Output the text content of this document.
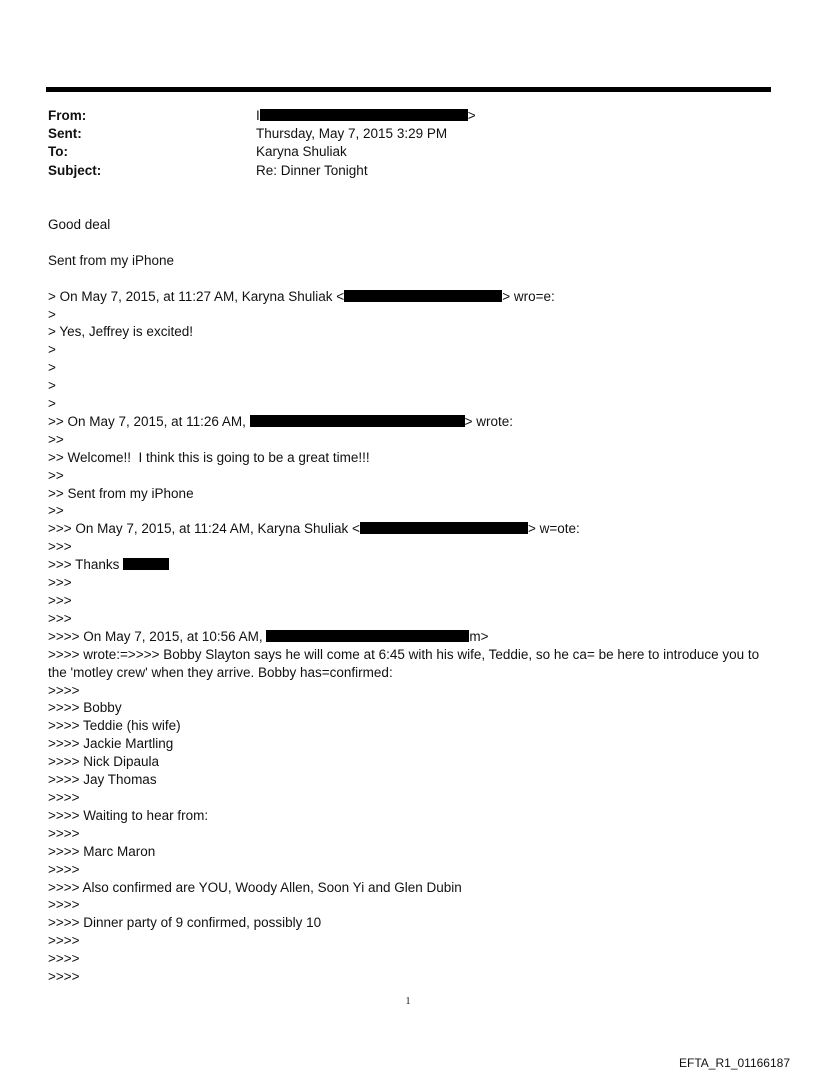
From:	I	>
Sent:	Thursday, May 7, 2015 3:29 PM
To:	Karyna Shuliak
Subject:	Re: Dinner Tonight
Good deal
Sent from my iPhone
> On May 7, 2015, at 11:27 AM, Karyna Shuliak <	> wro=e:
>
> Yes, Jeffrey is excited!
>
>
>
>
>> On May 7, 2015, at 11:26 AM,	> wrote:
>>
>> Welcome!!  I think this is going to be a great time!!!
>>
>> Sent from my iPhone
>>
>>> On May 7, 2015, at 11:24 AM, Karyna Shuliak <	> w=ote:
>>>
>>> Thanks
>>>
>>>
>>>
>>>> On May 7, 2015, at 10:56 AM,	m>
>>>> wrote:=>>>> Bobby Slayton says he will come at 6:45 with his wife, Teddie, so he ca= be here to introduce you to the 'motley crew' when they arrive. Bobby has=confirmed:
>>>>
>>>> Bobby
>>>> Teddie (his wife)
>>>> Jackie Martling
>>>> Nick Dipaula
>>>> Jay Thomas
>>>>
>>>> Waiting to hear from:
>>>>
>>>> Marc Maron
>>>>
>>>> Also confirmed are YOU, Woody Allen, Soon Yi and Glen Dubin
>>>>
>>>> Dinner party of 9 confirmed, possibly 10
>>>>
>>>>
>>>>
1
EFTA_R1_01166187
